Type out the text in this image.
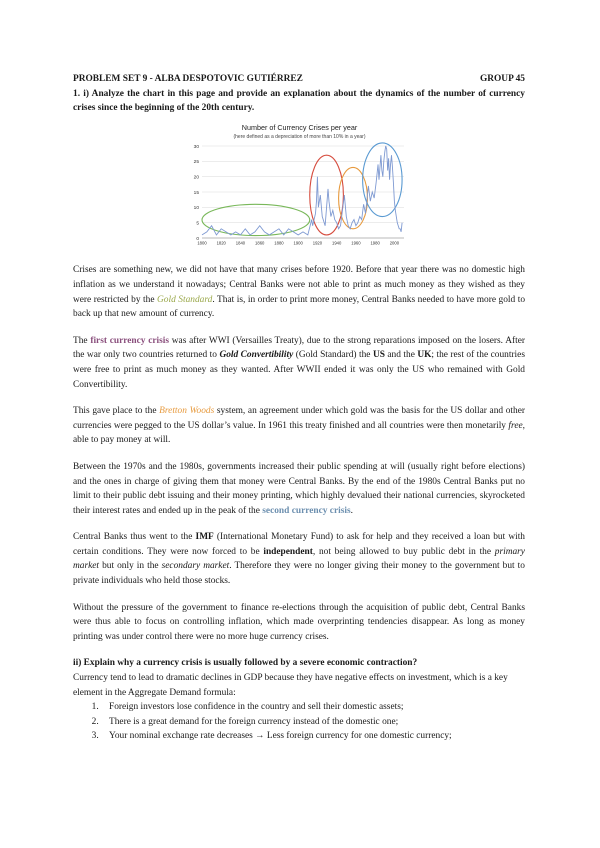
PROBLEM SET 9 - ALBA DESPOTOVIC GUTIÉRREZ	GROUP 45
1. i) Analyze the chart in this page and provide an explanation about the dynamics of the number of currency crises since the beginning of the 20th century.
Number of Currency Crises per year
(here defined as a depreciation of more than 10% in a year)
0
5
10
15
20
25
30
1800 1820 1840 1860 1880 1900 1920 1940 1960 1980 2000

Crises are something new, we did not have that many crises before 1920. Before that year there was no domestic high inflation as we understand it nowadays; Central Banks were not able to print as much money as they wished as they were restricted by the Gold Standard. That is, in order to print more money, Central Banks needed to have more gold to back up that new amount of currency.

The first currency crisis was after WWI (Versailles Treaty), due to the strong reparations imposed on the losers. After the war only two countries returned to Gold Convertibility (Gold Standard) the US and the UK; the rest of the countries were free to print as much money as they wanted. After WWII ended it was only the US who remained with Gold Convertibility.

This gave place to the Bretton Woods system, an agreement under which gold was the basis for the US dollar and other currencies were pegged to the US dollar’s value. In 1961 this treaty finished and all countries were then monetarily free, able to pay money at will.

Between the 1970s and the 1980s, governments increased their public spending at will (usually right before elections) and the ones in charge of giving them that money were Central Banks. By the end of the 1980s Central Banks put no limit to their public debt issuing and their money printing, which highly devalued their national currencies, skyrocketed their interest rates and ended up in the peak of the second currency crisis.

Central Banks thus went to the IMF (International Monetary Fund) to ask for help and they received a loan but with certain conditions. They were now forced to be independent, not being allowed to buy public debt in the primary market but only in the secondary market. Therefore they were no longer giving their money to the government but to private individuals who held those stocks.

Without the pressure of the government to finance re-elections through the acquisition of public debt, Central Banks were thus able to focus on controlling inflation, which made overprinting tendencies disappear. As long as money printing was under control there were no more huge currency crises.

ii) Explain why a currency crisis is usually followed by a severe economic contraction?
Currency tend to lead to dramatic declines in GDP because they have negative effects on investment, which is a key element in the Aggregate Demand formula:
1. Foreign investors lose confidence in the country and sell their domestic assets;
2. There is a great demand for the foreign currency instead of the domestic one;
3. Your nominal exchange rate decreases → Less foreign currency for one domestic currency;
